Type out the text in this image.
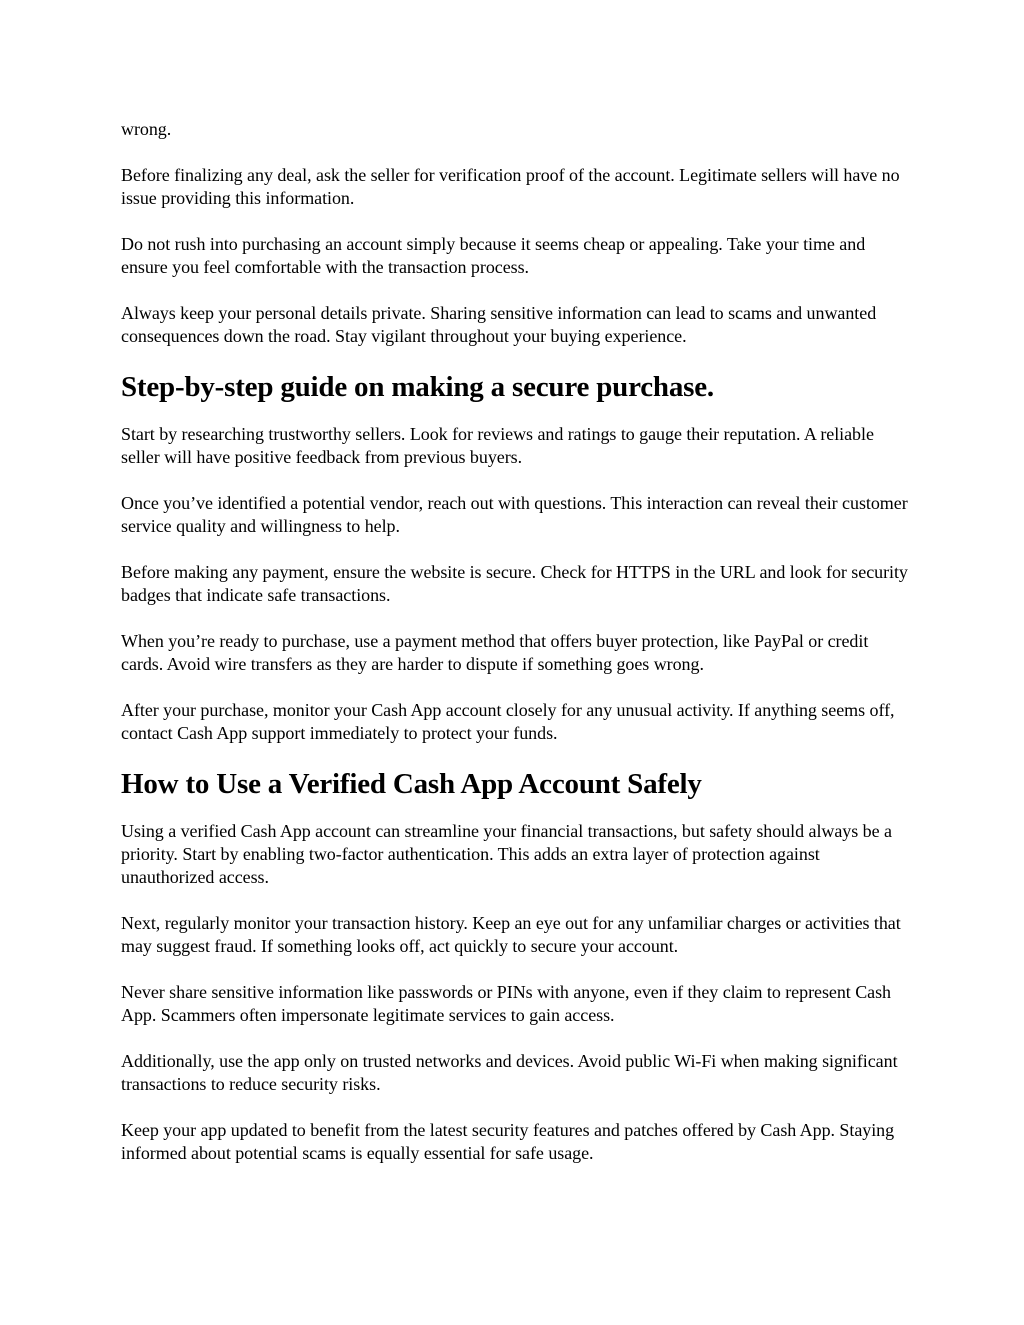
wrong.

Before finalizing any deal, ask the seller for verification proof of the account. Legitimate sellers will have no issue providing this information.

Do not rush into purchasing an account simply because it seems cheap or appealing. Take your time and ensure you feel comfortable with the transaction process.

Always keep your personal details private. Sharing sensitive information can lead to scams and unwanted consequences down the road. Stay vigilant throughout your buying experience.

Step-by-step guide on making a secure purchase.

Start by researching trustworthy sellers. Look for reviews and ratings to gauge their reputation. A reliable seller will have positive feedback from previous buyers.

Once you’ve identified a potential vendor, reach out with questions. This interaction can reveal their customer service quality and willingness to help.

Before making any payment, ensure the website is secure. Check for HTTPS in the URL and look for security badges that indicate safe transactions.

When you’re ready to purchase, use a payment method that offers buyer protection, like PayPal or credit cards. Avoid wire transfers as they are harder to dispute if something goes wrong.

After your purchase, monitor your Cash App account closely for any unusual activity. If anything seems off, contact Cash App support immediately to protect your funds.

How to Use a Verified Cash App Account Safely

Using a verified Cash App account can streamline your financial transactions, but safety should always be a priority. Start by enabling two-factor authentication. This adds an extra layer of protection against unauthorized access.

Next, regularly monitor your transaction history. Keep an eye out for any unfamiliar charges or activities that may suggest fraud. If something looks off, act quickly to secure your account.

Never share sensitive information like passwords or PINs with anyone, even if they claim to represent Cash App. Scammers often impersonate legitimate services to gain access.

Additionally, use the app only on trusted networks and devices. Avoid public Wi-Fi when making significant transactions to reduce security risks.

Keep your app updated to benefit from the latest security features and patches offered by Cash App. Staying informed about potential scams is equally essential for safe usage.
